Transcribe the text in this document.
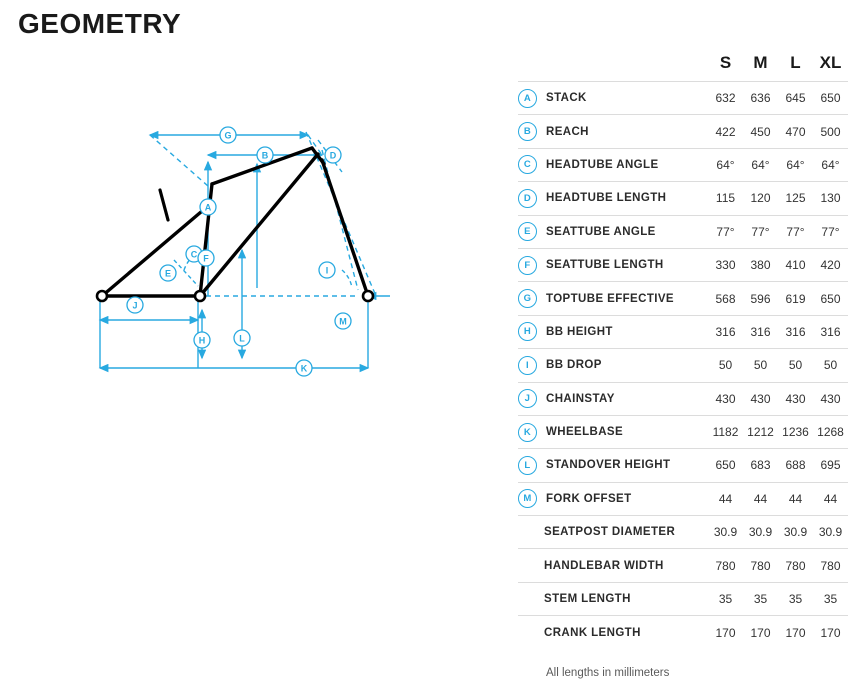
GEOMETRY
G
B	D
A
C F
E	I
H	L
J
K
M
	S	M	L	XL

A STACK	632	636	645	650

B REACH	422	450	470	500

C HEADTUBE ANGLE	64°	64°	64°	64°

D HEADTUBE LENGTH	115	120	125	130

E SEATTUBE ANGLE	77°	77°	77°	77°

F SEATTUBE LENGTH	330	380	410	420

G TOPTUBE EFFECTIVE	568	596	619	650

H BB HEIGHT	316	316	316	316

I BB DROP	50	50	50	50

J CHAINSTAY	430	430	430	430

K WHEELBASE	1182	1212	1236	1268

L STANDOVER HEIGHT	650	683	688	695

M FORK OFFSET	44	44	44	44

SEATPOST DIAMETER	30.9	30.9	30.9	30.9

HANDLEBAR WIDTH	780	780	780	780

STEM LENGTH	35	35	35	35

CRANK LENGTH	170	170	170	170
All lengths in millimeters
